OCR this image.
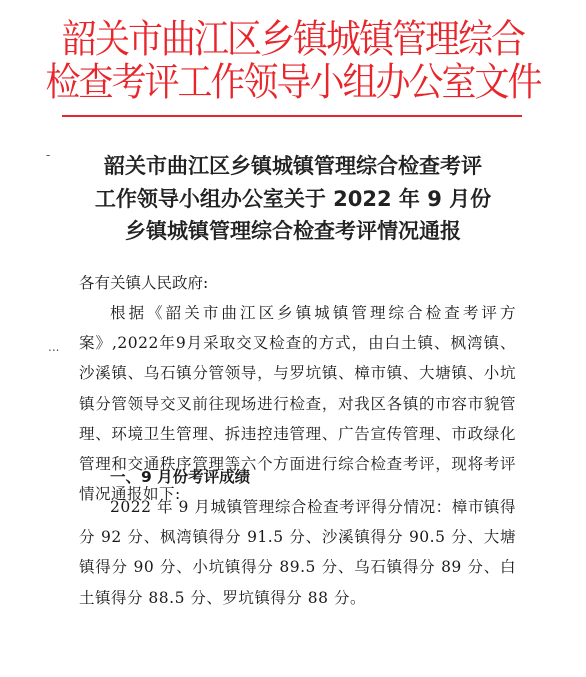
韶关市曲江区乡镇城镇管理综合
检查考评工作领导小组办公室文件
-	韶关市曲江区乡镇城镇管理综合检查考评
工作领导小组办公室关于 2022 年 9 月份
乡镇城镇管理综合检查考评情况通报
各有关镇人民政府:
...
根据《韶关市曲江区乡镇城镇管理综合检查考评方案》,2022年9月采取交叉检查的方式，由白土镇、枫湾镇、沙溪镇、乌石镇分管领导，与罗坑镇、樟市镇、大塘镇、小坑镇分管领导交叉前往现场进行检查，对我区各镇的市容市貌管理、环境卫生管理、拆违控违管理、广告宣传管理、市政绿化管理和交通秩序管理等六个方面进行综合检查考评，现将考评情况通报如下:
一、9 月份考评成绩
2022 年 9 月城镇管理综合检查考评得分情况：樟市镇得分 92 分、枫湾镇得分 91.5 分、沙溪镇得分 90.5 分、大塘镇得分 90 分、小坑镇得分 89.5 分、乌石镇得分 89 分、白土镇得分 88.5 分、罗坑镇得分 88 分。
